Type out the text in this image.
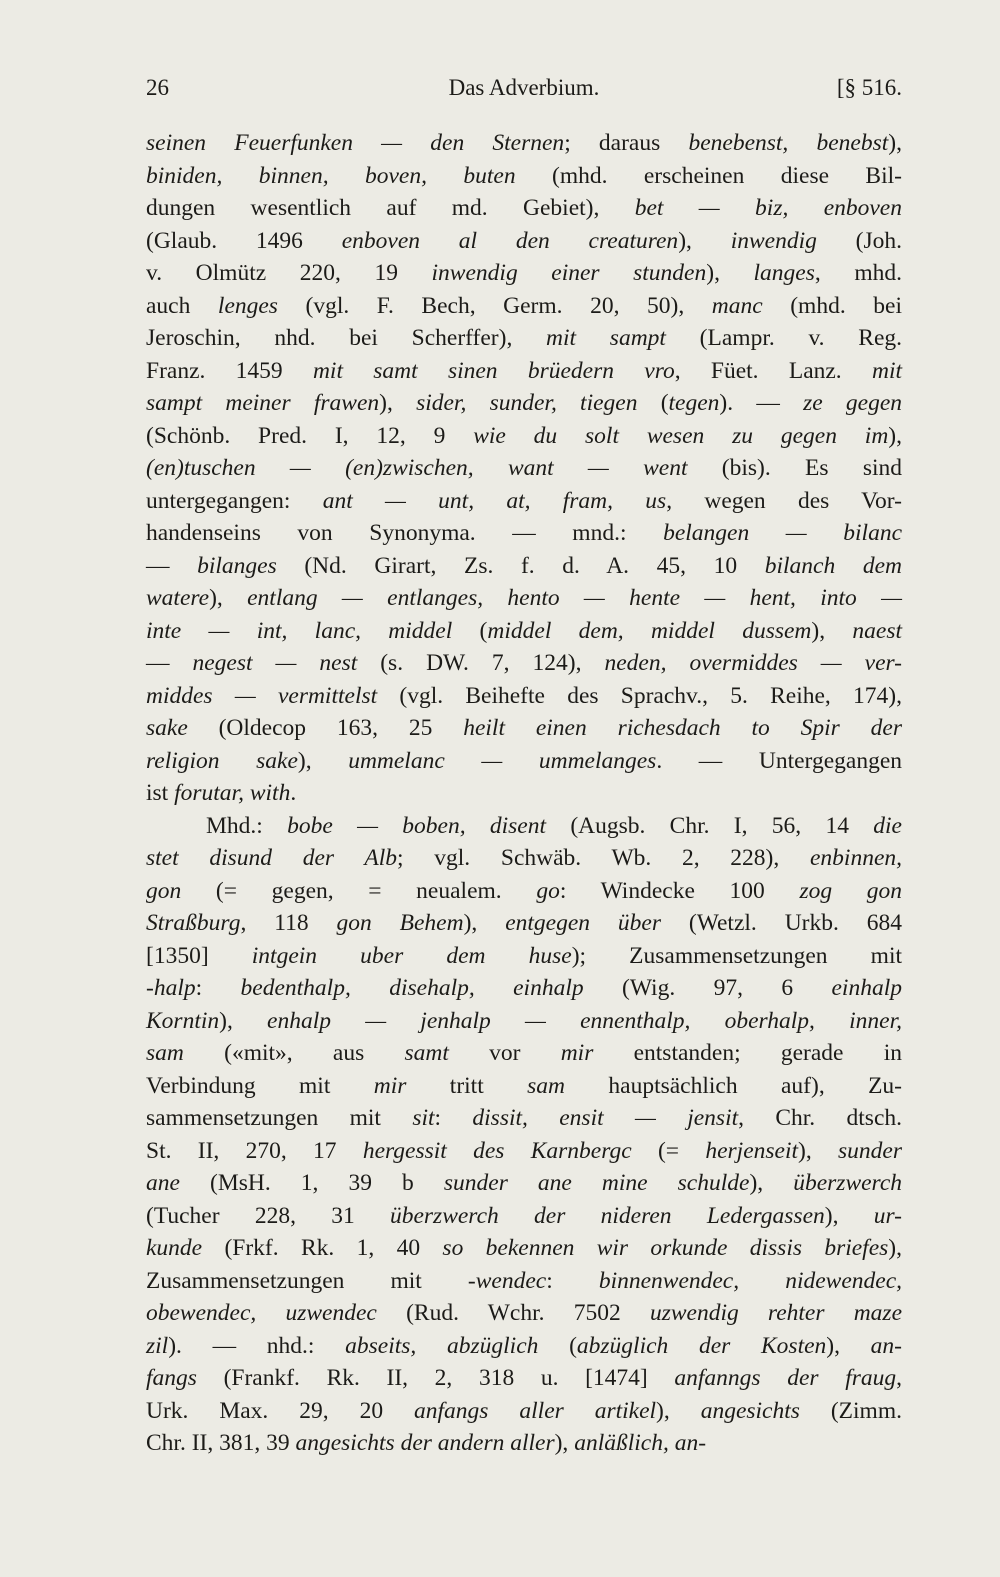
26	Das Adverbium.	[§ 516.
seinen Feuerfunken — den Sternen; daraus benebenst, benebst),
biniden, binnen, boven, buten (mhd. erscheinen diese Bil-
dungen wesentlich auf md. Gebiet), bet — biz, enboven
(Glaub. 1496 enboven al den creaturen), inwendig (Joh.
v. Olmütz 220, 19 inwendig einer stunden), langes, mhd.
auch lenges (vgl. F. Bech, Germ. 20, 50), manc (mhd. bei
Jeroschin, nhd. bei Scherffer), mit sampt (Lampr. v. Reg.
Franz. 1459 mit samt sinen brüedern vro, Füet. Lanz. mit
sampt meiner frawen), sider, sunder, tiegen (tegen). — ze gegen
(Schönb. Pred. I, 12, 9 wie du solt wesen zu gegen im),
(en)tuschen — (en)zwischen, want — went (bis). Es sind
untergegangen: ant — unt, at, fram, us, wegen des Vor-
handenseins von Synonyma. — mnd.: belangen — bilanc
— bilanges (Nd. Girart, Zs. f. d. A. 45, 10 bilanch dem
watere), entlang — entlanges, hento — hente — hent, into —
inte — int, lanc, middel (middel dem, middel dussem), naest
— negest — nest (s. DW. 7, 124), neden, overmiddes — ver-
middes — vermittelst (vgl. Beihefte des Sprachv., 5. Reihe, 174),
sake (Oldecop 163, 25 heilt einen richesdach to Spir der
religion sake), ummelanc — ummelanges. — Untergegangen
ist forutar, with.
Mhd.: bobe — boben, disent (Augsb. Chr. I, 56, 14 die
stet disund der Alb; vgl. Schwäb. Wb. 2, 228), enbinnen,
gon (= gegen, = neualem. go: Windecke 100 zog gon
Straßburg, 118 gon Behem), entgegen über (Wetzl. Urkb. 684
[1350] intgein uber dem huse); Zusammensetzungen mit
-halp: bedenthalp, disehalp, einhalp (Wig. 97, 6 einhalp
Korntin), enhalp — jenhalp — ennenthalp, oberhalp, inner,
sam («mit», aus samt vor mir entstanden; gerade in
Verbindung mit mir tritt sam hauptsächlich auf), Zu-
sammensetzungen mit sit: dissit, ensit — jensit, Chr. dtsch.
St. II, 270, 17 hergessit des Karnbergc (= herjenseit), sunder
ane (MsH. 1, 39 b sunder ane mine schulde), überzwerch
(Tucher 228, 31 überzwerch der nideren Ledergassen), ur-
kunde (Frkf. Rk. 1, 40 so bekennen wir orkunde dissis briefes),
Zusammensetzungen mit -wendec: binnenwendec, nidewendec,
obewendec, uzwendec (Rud. Wchr. 7502 uzwendig rehter maze
zil). — nhd.: abseits, abzüglich (abzüglich der Kosten), an-
fangs (Frankf. Rk. II, 2, 318 u. [1474] anfanngs der fraug,
Urk. Max. 29, 20 anfangs aller artikel), angesichts (Zimm.
Chr. II, 381, 39 angesichts der andern aller), anläßlich, an-
